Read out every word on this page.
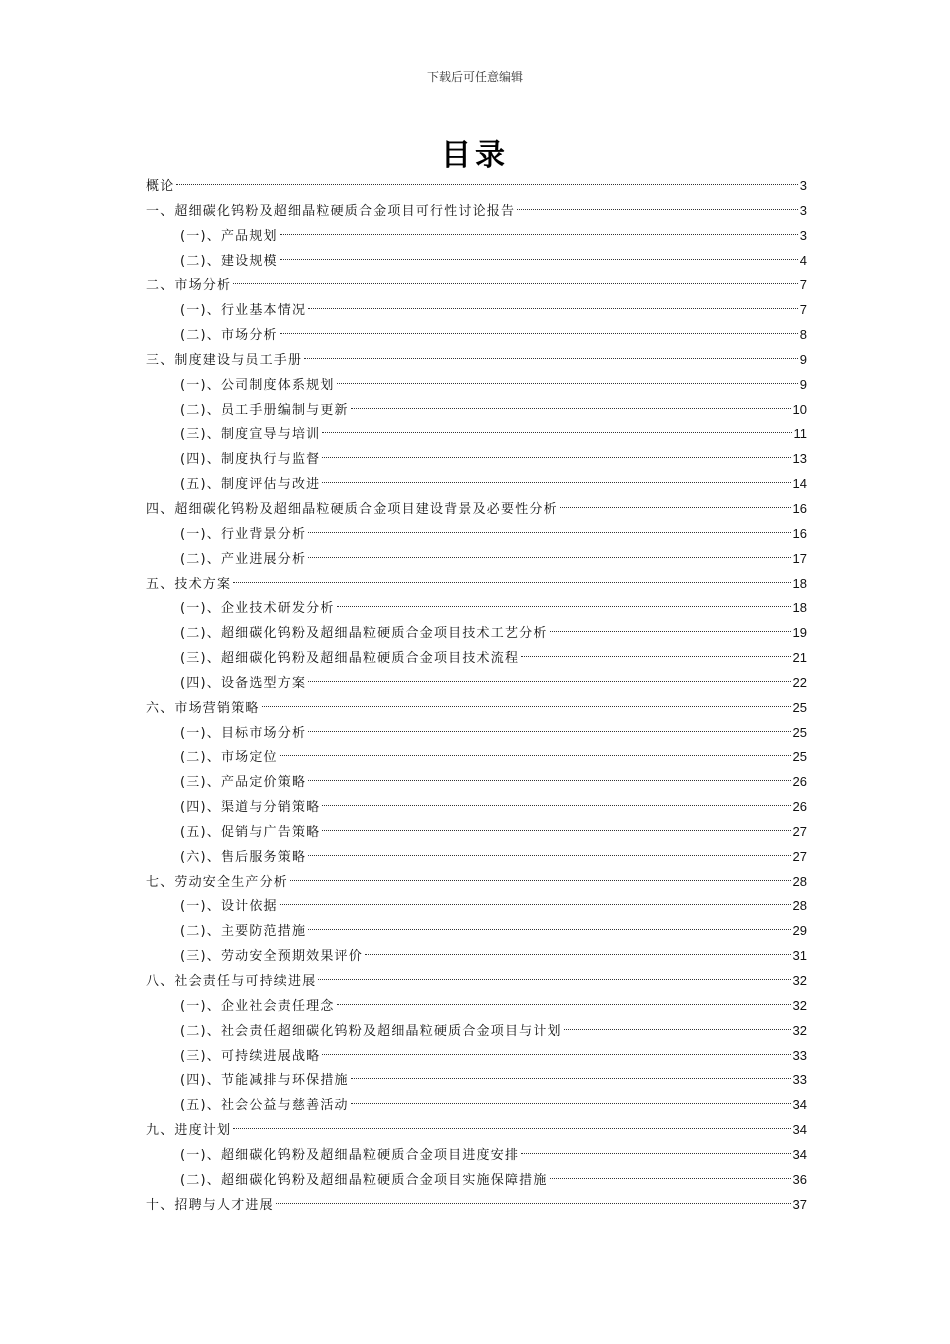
下载后可任意编辑
目录
概论	3
一、超细碳化钨粉及超细晶粒硬质合金项目可行性讨论报告	3
(一)、产品规划	3
(二)、建设规模	4
二、市场分析	7
(一)、行业基本情况	7
(二)、市场分析	8
三、制度建设与员工手册	9
(一)、公司制度体系规划	9
(二)、员工手册编制与更新	10
(三)、制度宣导与培训	11
(四)、制度执行与监督	13
(五)、制度评估与改进	14
四、超细碳化钨粉及超细晶粒硬质合金项目建设背景及必要性分析	16
(一)、行业背景分析	16
(二)、产业进展分析	17
五、技术方案	18
(一)、企业技术研发分析	18
(二)、超细碳化钨粉及超细晶粒硬质合金项目技术工艺分析	19
(三)、超细碳化钨粉及超细晶粒硬质合金项目技术流程	21
(四)、设备选型方案	22
六、市场营销策略	25
(一)、目标市场分析	25
(二)、市场定位	25
(三)、产品定价策略	26
(四)、渠道与分销策略	26
(五)、促销与广告策略	27
(六)、售后服务策略	27
七、劳动安全生产分析	28
(一)、设计依据	28
(二)、主要防范措施	29
(三)、劳动安全预期效果评价	31
八、社会责任与可持续进展	32
(一)、企业社会责任理念	32
(二)、社会责任超细碳化钨粉及超细晶粒硬质合金项目与计划	32
(三)、可持续进展战略	33
(四)、节能减排与环保措施	33
(五)、社会公益与慈善活动	34
九、进度计划	34
(一)、超细碳化钨粉及超细晶粒硬质合金项目进度安排	34
(二)、超细碳化钨粉及超细晶粒硬质合金项目实施保障措施	36
十、招聘与人才进展	37
